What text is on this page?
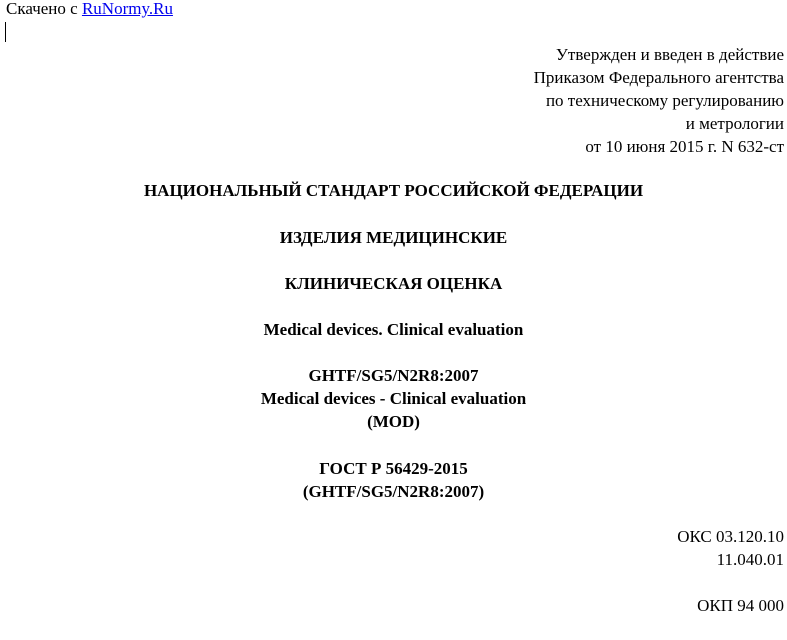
Скачено с RuNormy.Ru
Утвержден и введен в действие
Приказом Федерального агентства
по техническому регулированию
и метрологии
от 10 июня 2015 г. N 632-ст
НАЦИОНАЛЬНЫЙ СТАНДАРТ РОССИЙСКОЙ ФЕДЕРАЦИИ
ИЗДЕЛИЯ МЕДИЦИНСКИЕ
КЛИНИЧЕСКАЯ ОЦЕНКА
Medical devices. Clinical evaluation
GHTF/SG5/N2R8:2007
Medical devices - Clinical evaluation
(MOD)
ГОСТ Р 56429-2015
(GHTF/SG5/N2R8:2007)
ОКС 03.120.10
11.040.01
ОКП 94 000
